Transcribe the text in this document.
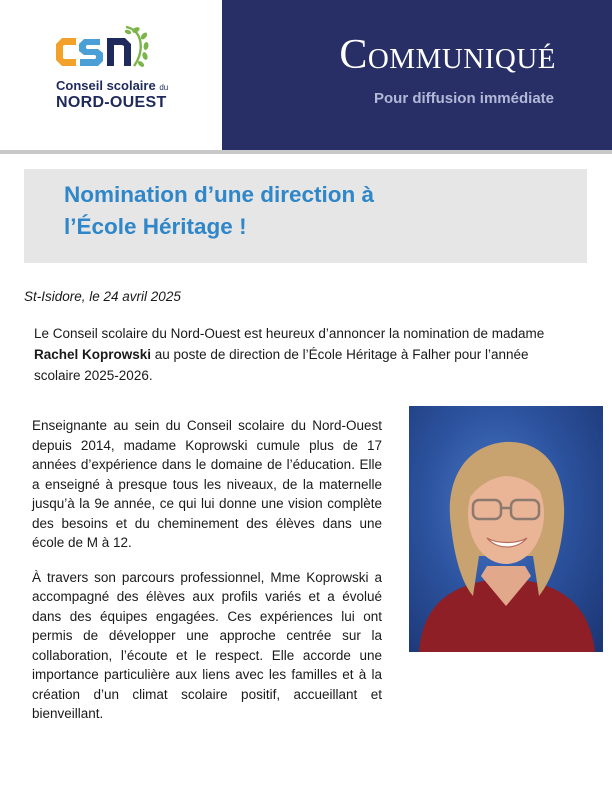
Conseil scolaire du
NORD-OUEST
Communiqué
Pour diffusion immédiate
Nomination d’une direction à
l’École Héritage !
St-Isidore, le 24 avril 2025
Le Conseil scolaire du Nord-Ouest est heureux d’annoncer la nomination de madame Rachel Koprowski au poste de direction de l’École Héritage à Falher pour l’année scolaire 2025-2026.

Enseignante au sein du Conseil scolaire du Nord-Ouest depuis 2014, madame Koprowski cumule plus de 17 années d’expérience dans le domaine de l’éducation. Elle a enseigné à presque tous les niveaux, de la maternelle jusqu’à la 9e année, ce qui lui donne une vision complète des besoins et du cheminement des élèves dans une école de M à 12.

À travers son parcours professionnel, Mme Koprowski a accompagné des élèves aux profils variés et a évolué dans des équipes engagées. Ces expériences lui ont permis de développer une approche centrée sur la collaboration, l’écoute et le respect. Elle accorde une importance particulière aux liens avec les familles et à la création d’un climat scolaire positif, accueillant et bienveillant.
